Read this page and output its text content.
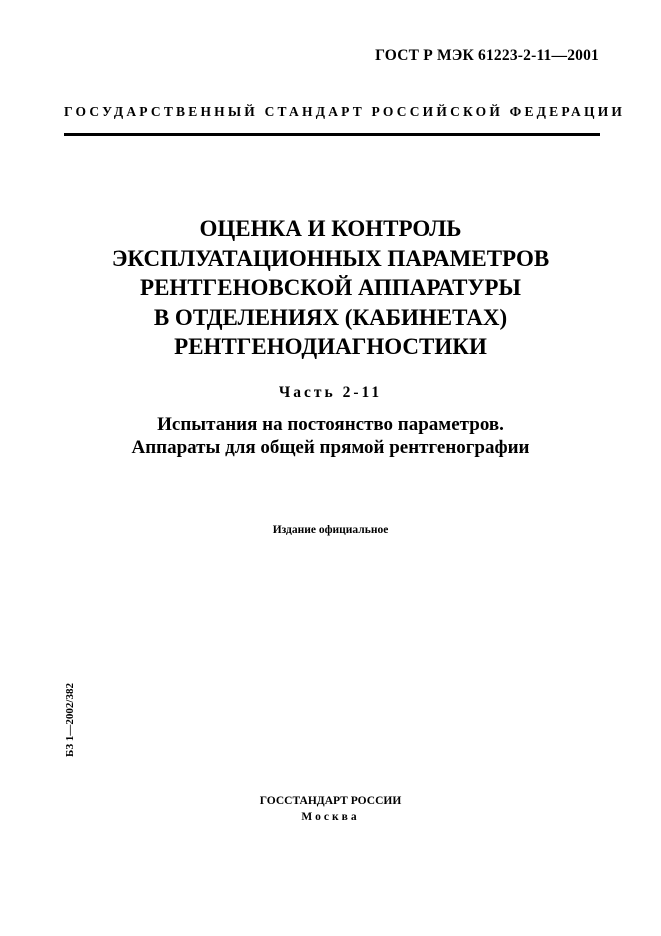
ГОСТ Р МЭК 61223-2-11—2001
ГОСУДАРСТВЕННЫЙ СТАНДАРТ РОССИЙСКОЙ ФЕДЕРАЦИИ
ОЦЕНКА И КОНТРОЛЬ
ЭКСПЛУАТАЦИОННЫХ ПАРАМЕТРОВ
РЕНТГЕНОВСКОЙ АППАРАТУРЫ
В ОТДЕЛЕНИЯХ (КАБИНЕТАХ)
РЕНТГЕНОДИАГНОСТИКИ
Часть 2-11
Испытания на постоянство параметров.
Аппараты для общей прямой рентгенографии
Издание официальное
БЗ 1—2002/382
ГОССТАНДАРТ РОССИИ
Москва
